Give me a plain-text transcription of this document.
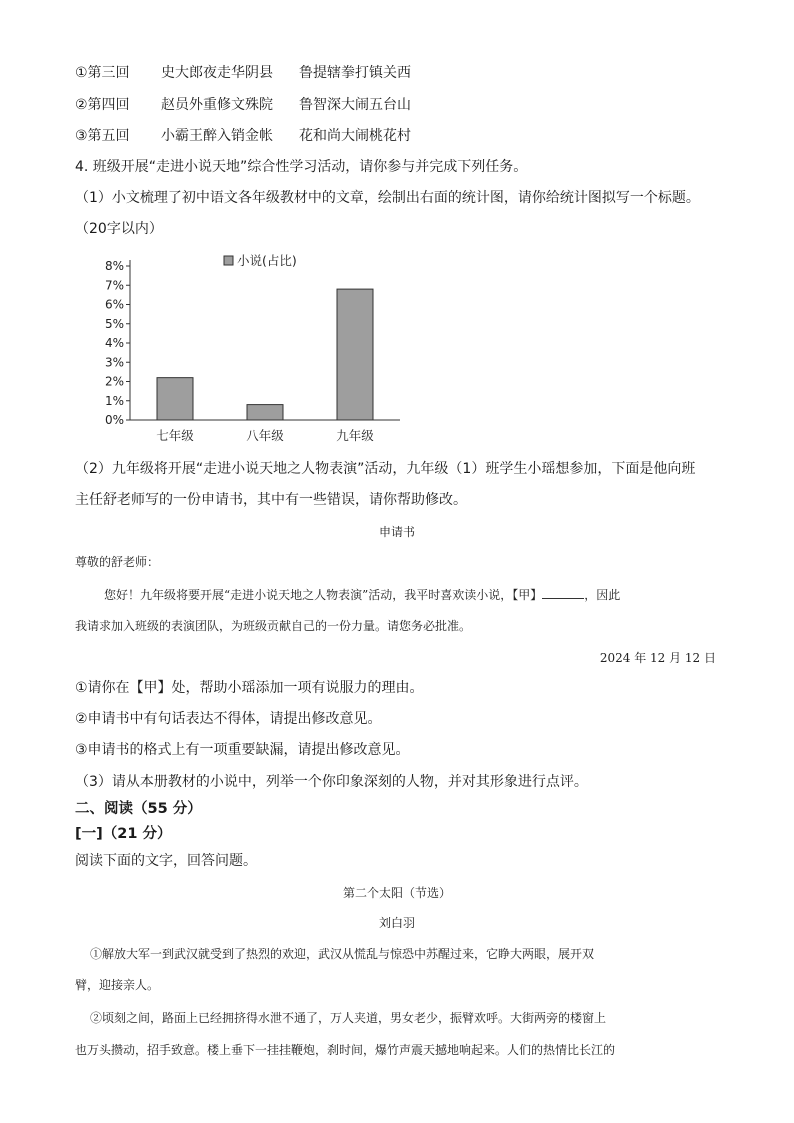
①第三回 史大郎夜走华阴县 鲁提辖拳打镇关西
②第四回 赵员外重修文殊院 鲁智深大闹五台山
③第五回 小霸王醉入销金帐 花和尚大闹桃花村
4. 班级开展“走进小说天地”综合性学习活动，请你参与并完成下列任务。
（1）小文梳理了初中语文各年级教材中的文章，绘制出右面的统计图，请你给统计图拟写一个标题。
（20字以内）
0%
1%
2%
3%
4%
5%
6%
7%
8%
七年级	八年级	九年级
小说(占比)
（2）九年级将开展“走进小说天地之人物表演”活动，九年级（1）班学生小瑶想参加，下面是他向班
主任舒老师写的一份申请书，其中有一些错误，请你帮助修改。
申请书
尊敬的舒老师：
您好！九年级将要开展“走进小说天地之人物表演”活动，我平时喜欢读小说，【甲】	，因此
我请求加入班级的表演团队，为班级贡献自己的一份力量。请您务必批准。
2024 年 12 月 12 日
①请你在【甲】处，帮助小瑶添加一项有说服力的理由。
②申请书中有句话表达不得体，请提出修改意见。
③申请书的格式上有一项重要缺漏，请提出修改意见。
（3）请从本册教材的小说中，列举一个你印象深刻的人物，并对其形象进行点评。
二、阅读（55 分）
[一]（21 分）
阅读下面的文字，回答问题。
第二个太阳（节选）
刘白羽
①解放大军一到武汉就受到了热烈的欢迎，武汉从慌乱与惊恐中苏醒过来，它睁大两眼，展开双
臂，迎接亲人。
②顷刻之间，路面上已经拥挤得水泄不通了，万人夹道，男女老少，振臂欢呼。大街两旁的楼窗上
也万头攒动，招手致意。楼上垂下一挂挂鞭炮，刹时间，爆竹声震天撼地响起来。人们的热情比长江的
